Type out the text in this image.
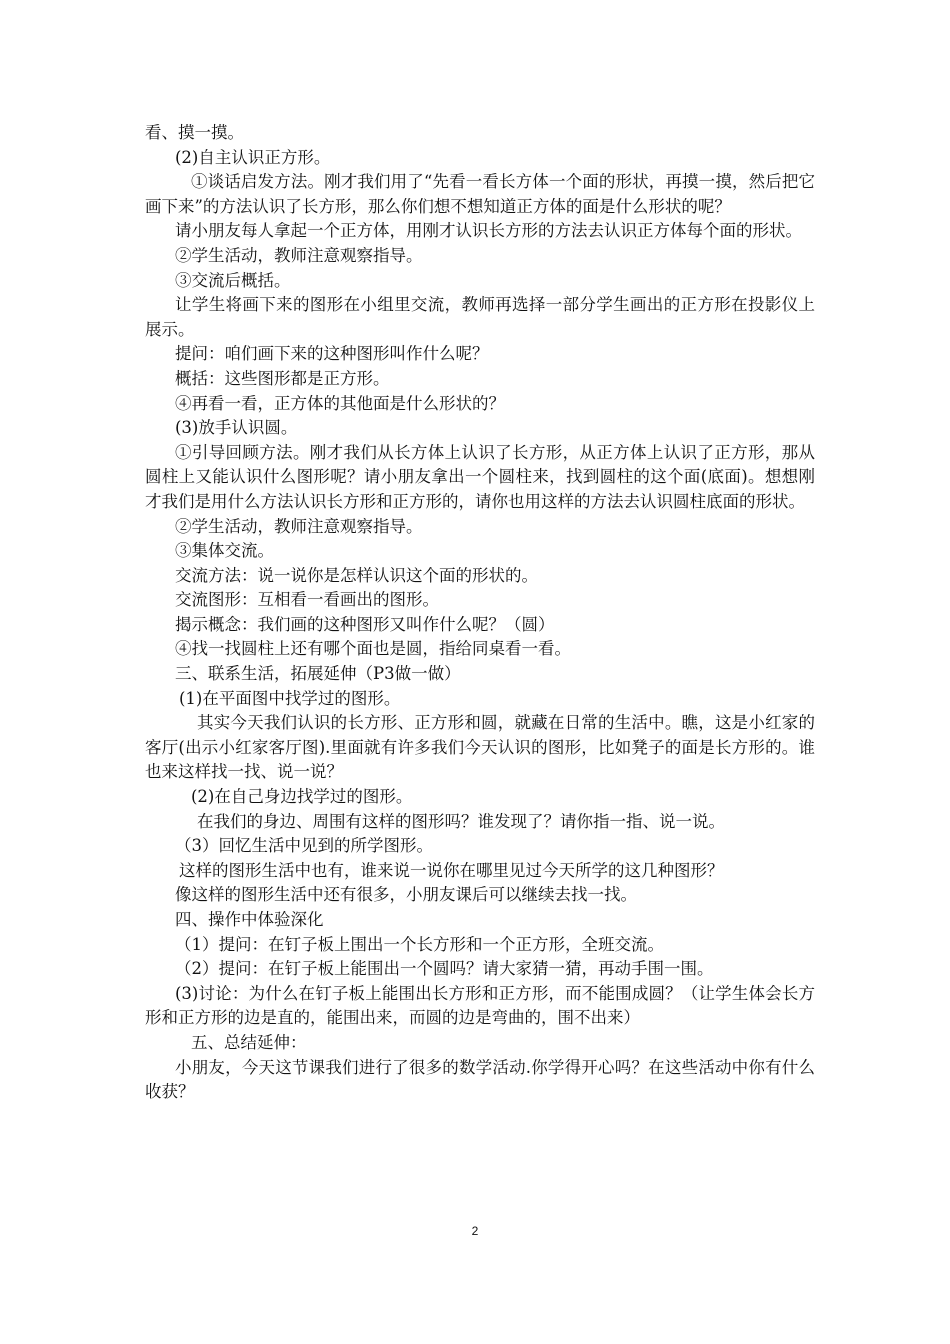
看、摸一摸。

(2)自主认识正方形。

①谈话启发方法。刚才我们用了“先看一看长方体一个面的形状，再摸一摸，然后把它画下来”的方法认识了长方形，那么你们想不想知道正方体的面是什么形状的呢？

请小朋友每人拿起一个正方体，用刚才认识长方形的方法去认识正方体每个面的形状。

②学生活动，教师注意观察指导。

③交流后概括。

让学生将画下来的图形在小组里交流，教师再选择一部分学生画出的正方形在投影仪上展示。

提问：咱们画下来的这种图形叫作什么呢？

概括：这些图形都是正方形。

④再看一看，正方体的其他面是什么形状的？

(3)放手认识圆。

①引导回顾方法。刚才我们从长方体上认识了长方形，从正方体上认识了正方形，那从圆柱上又能认识什么图形呢？请小朋友拿出一个圆柱来，找到圆柱的这个面(底面)。想想刚才我们是用什么方法认识长方形和正方形的，请你也用这样的方法去认识圆柱底面的形状。

②学生活动，教师注意观察指导。

③集体交流。

交流方法：说一说你是怎样认识这个面的形状的。

交流图形：互相看一看画出的图形。

揭示概念：我们画的这种图形又叫作什么呢？（圆）

④找一找圆柱上还有哪个面也是圆，指给同桌看一看。

三、联系生活，拓展延伸（P3做一做）

(1)在平面图中找学过的图形。

其实今天我们认识的长方形、正方形和圆，就藏在日常的生活中。瞧，这是小红家的客厅(出示小红家客厅图).里面就有许多我们今天认识的图形，比如凳子的面是长方形的。谁也来这样找一找、说一说？

(2)在自己身边找学过的图形。

在我们的身边、周围有这样的图形吗？谁发现了？请你指一指、说一说。

（3）回忆生活中见到的所学图形。

这样的图形生活中也有，谁来说一说你在哪里见过今天所学的这几种图形？

像这样的图形生活中还有很多，小朋友课后可以继续去找一找。

四、操作中体验深化

（1）提问：在钉子板上围出一个长方形和一个正方形，全班交流。

（2）提问：在钉子板上能围出一个圆吗？请大家猜一猜，再动手围一围。

(3)讨论：为什么在钉子板上能围出长方形和正方形，而不能围成圆？（让学生体会长方形和正方形的边是直的，能围出来，而圆的边是弯曲的，围不出来）

五、总结延伸：

小朋友，今天这节课我们进行了很多的数学活动.你学得开心吗？在这些活动中你有什么收获？

2
